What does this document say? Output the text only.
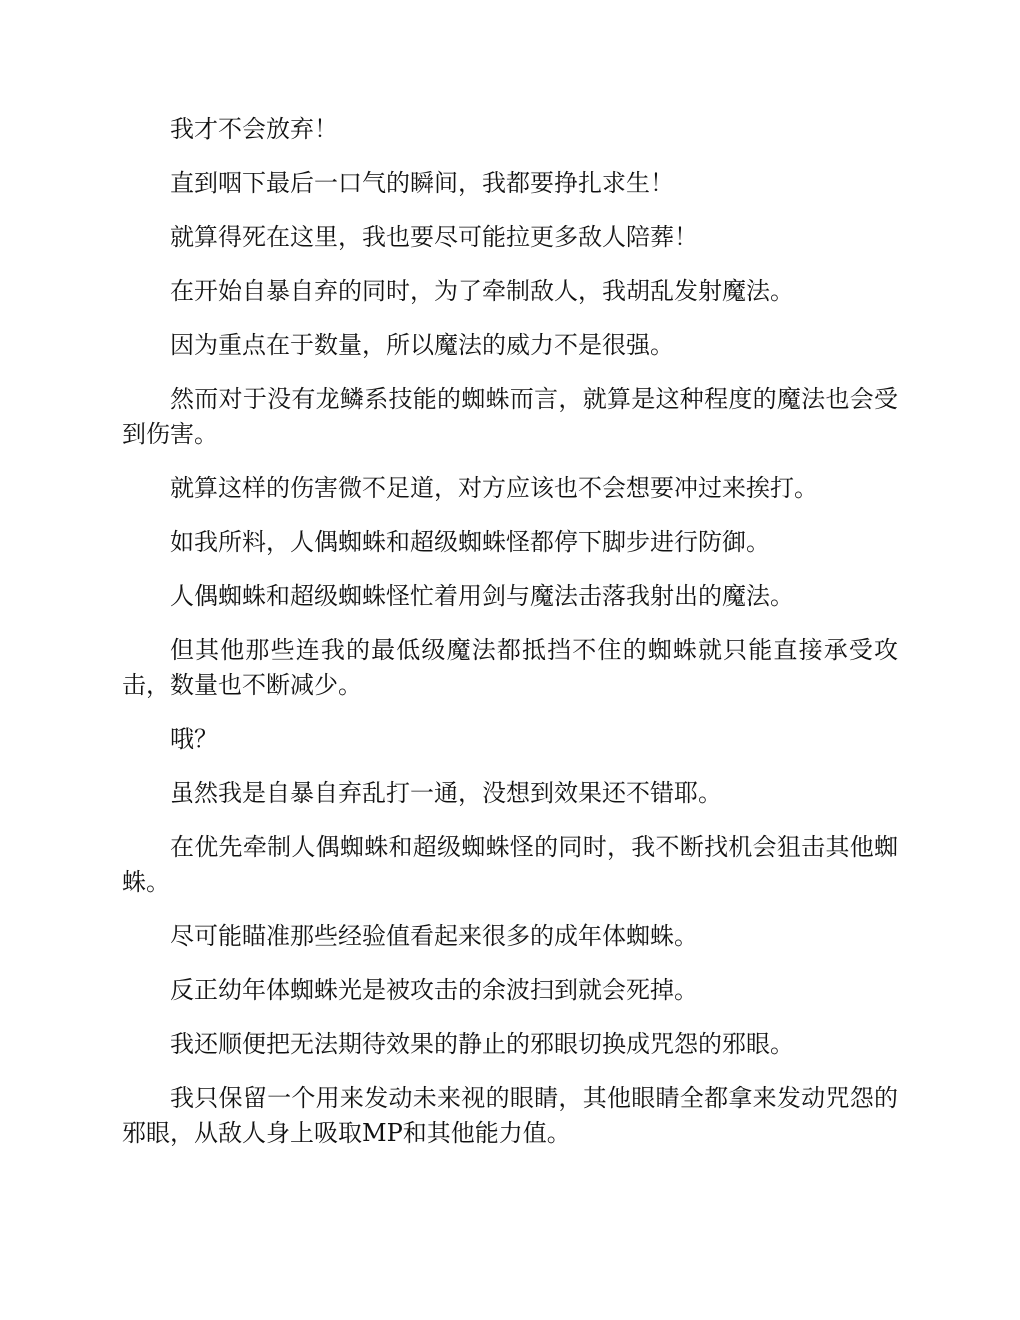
我才不会放弃！

直到咽下最后一口气的瞬间，我都要挣扎求生！

就算得死在这里，我也要尽可能拉更多敌人陪葬！

在开始自暴自弃的同时，为了牵制敌人，我胡乱发射魔法。

因为重点在于数量，所以魔法的威力不是很强。

然而对于没有龙鳞系技能的蜘蛛而言，就算是这种程度的魔法也会受到伤害。

就算这样的伤害微不足道，对方应该也不会想要冲过来挨打。

如我所料，人偶蜘蛛和超级蜘蛛怪都停下脚步进行防御。

人偶蜘蛛和超级蜘蛛怪忙着用剑与魔法击落我射出的魔法。

但其他那些连我的最低级魔法都抵挡不住的蜘蛛就只能直接承受攻击，数量也不断减少。

哦？

虽然我是自暴自弃乱打一通，没想到效果还不错耶。

在优先牵制人偶蜘蛛和超级蜘蛛怪的同时，我不断找机会狙击其他蜘蛛。

尽可能瞄准那些经验值看起来很多的成年体蜘蛛。

反正幼年体蜘蛛光是被攻击的余波扫到就会死掉。

我还顺便把无法期待效果的静止的邪眼切换成咒怨的邪眼。

我只保留一个用来发动未来视的眼睛，其他眼睛全都拿来发动咒怨的邪眼，从敌人身上吸取MP和其他能力值。
